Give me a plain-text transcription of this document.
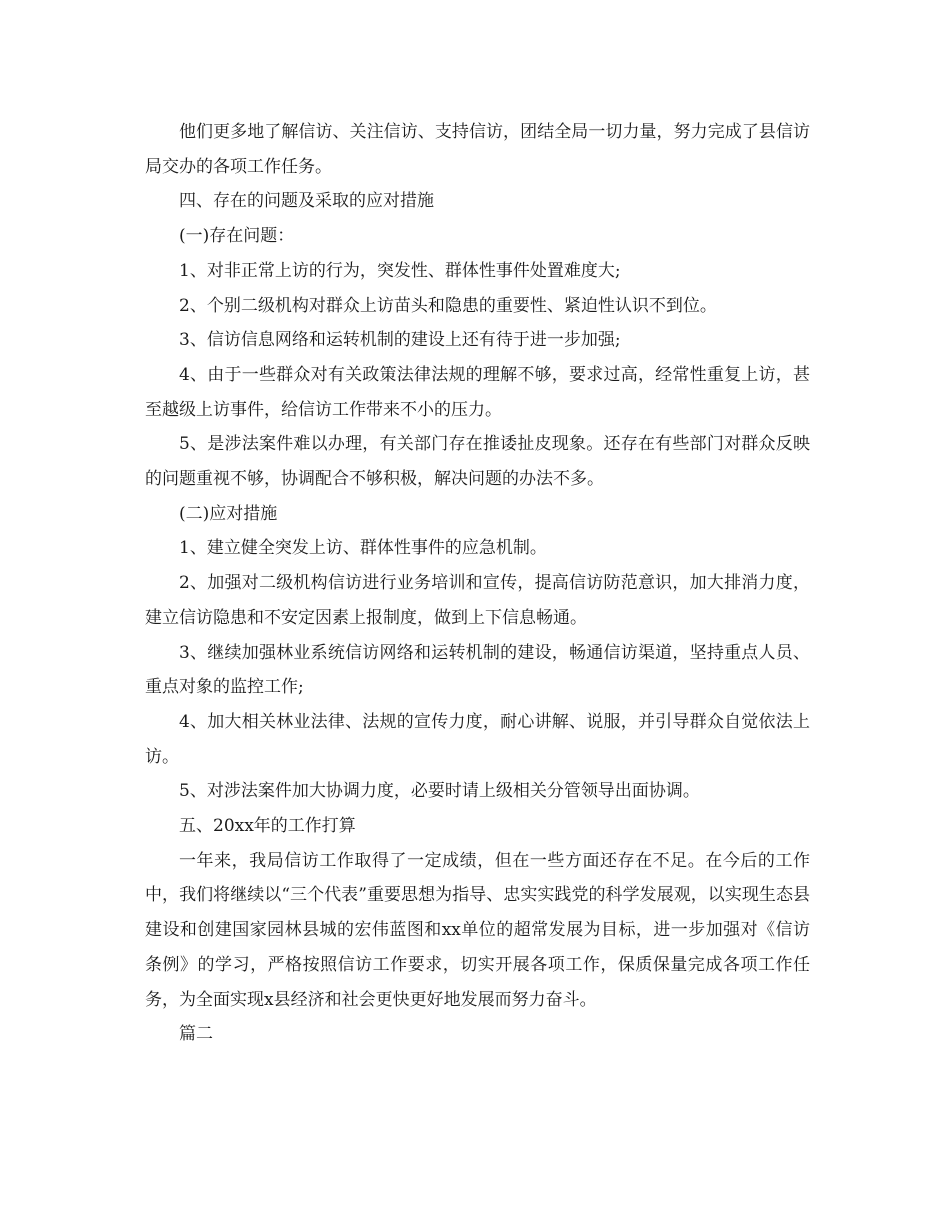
他们更多地了解信访、关注信访、支持信访，团结全局一切力量，努力完成了县信访局交办的各项工作任务。

四、存在的问题及采取的应对措施

(一)存在问题：

1、对非正常上访的行为，突发性、群体性事件处置难度大;

2、个别二级机构对群众上访苗头和隐患的重要性、紧迫性认识不到位。

3、信访信息网络和运转机制的建设上还有待于进一步加强;

4、由于一些群众对有关政策法律法规的理解不够，要求过高，经常性重复上访，甚至越级上访事件，给信访工作带来不小的压力。

5、是涉法案件难以办理，有关部门存在推诿扯皮现象。还存在有些部门对群众反映的问题重视不够，协调配合不够积极，解决问题的办法不多。

(二)应对措施

1、建立健全突发上访、群体性事件的应急机制。

2、加强对二级机构信访进行业务培训和宣传，提高信访防范意识，加大排消力度，建立信访隐患和不安定因素上报制度，做到上下信息畅通。

3、继续加强林业系统信访网络和运转机制的建设，畅通信访渠道，坚持重点人员、重点对象的监控工作;

4、加大相关林业法律、法规的宣传力度，耐心讲解、说服，并引导群众自觉依法上访。

5、对涉法案件加大协调力度，必要时请上级相关分管领导出面协调。

五、20xx年的工作打算

一年来，我局信访工作取得了一定成绩，但在一些方面还存在不足。在今后的工作中，我们将继续以“三个代表”重要思想为指导、忠实实践党的科学发展观，以实现生态县建设和创建国家园林县城的宏伟蓝图和xx单位的超常发展为目标，进一步加强对《信访条例》的学习，严格按照信访工作要求，切实开展各项工作，保质保量完成各项工作任务，为全面实现x县经济和社会更快更好地发展而努力奋斗。

篇二
